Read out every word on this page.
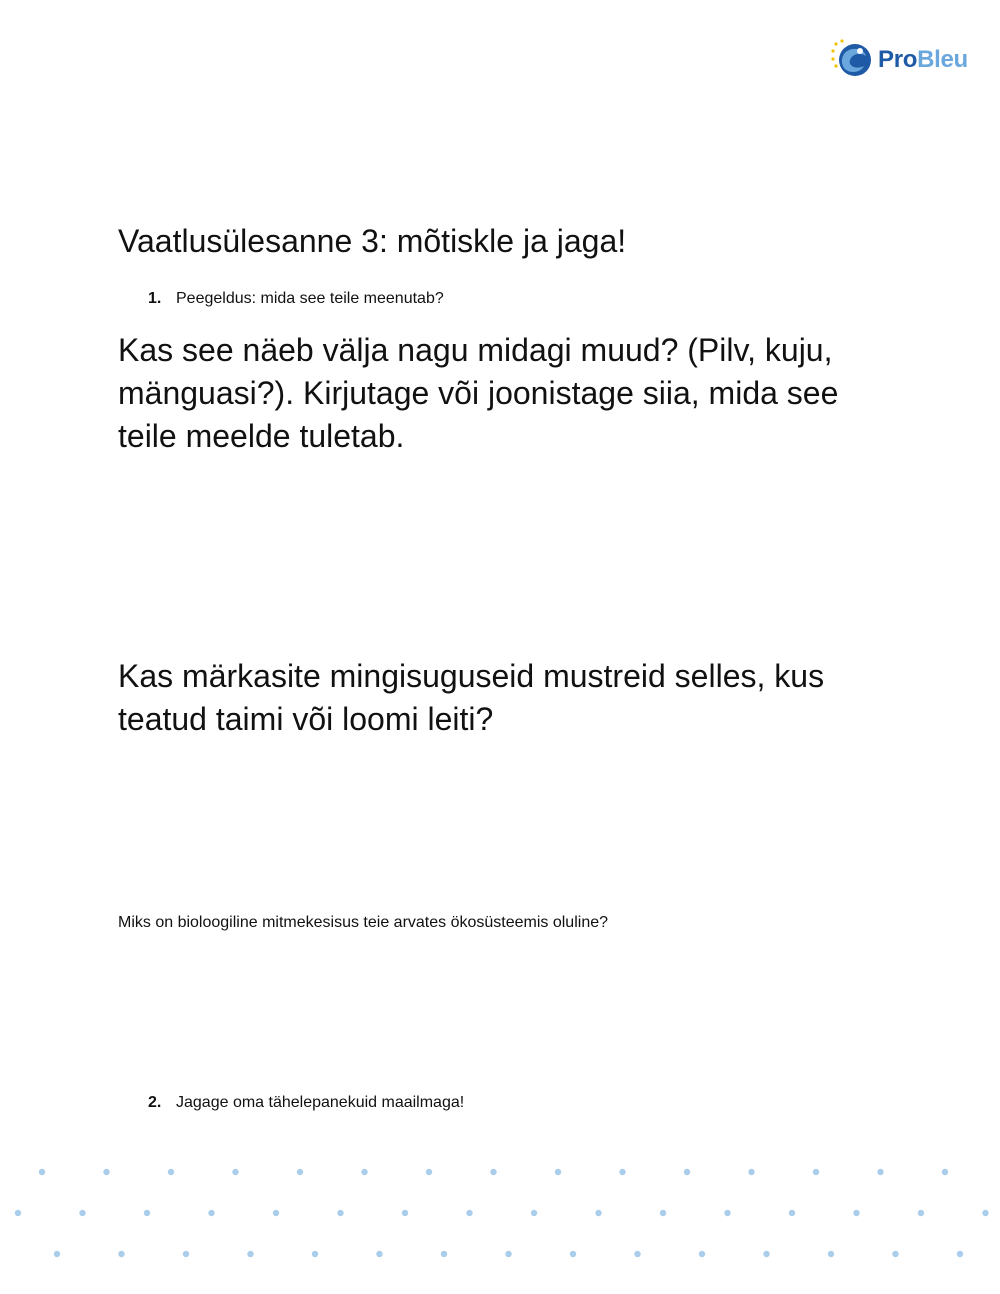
ProBleu
Vaatlusülesanne 3: mõtiskle ja jaga!
1. Peegeldus: mida see teile meenutab?

Kas see näeb välja nagu midagi muud? (Pilv, kuju, mänguasi?). Kirjutage või joonistage siia, mida see teile meelde tuletab.

Kas märkasite mingisuguseid mustreid selles, kus teatud taimi või loomi leiti?

Miks on bioloogiline mitmekesisus teie arvates ökosüsteemis oluline?

2. Jagage oma tähelepanekuid maailmaga!
